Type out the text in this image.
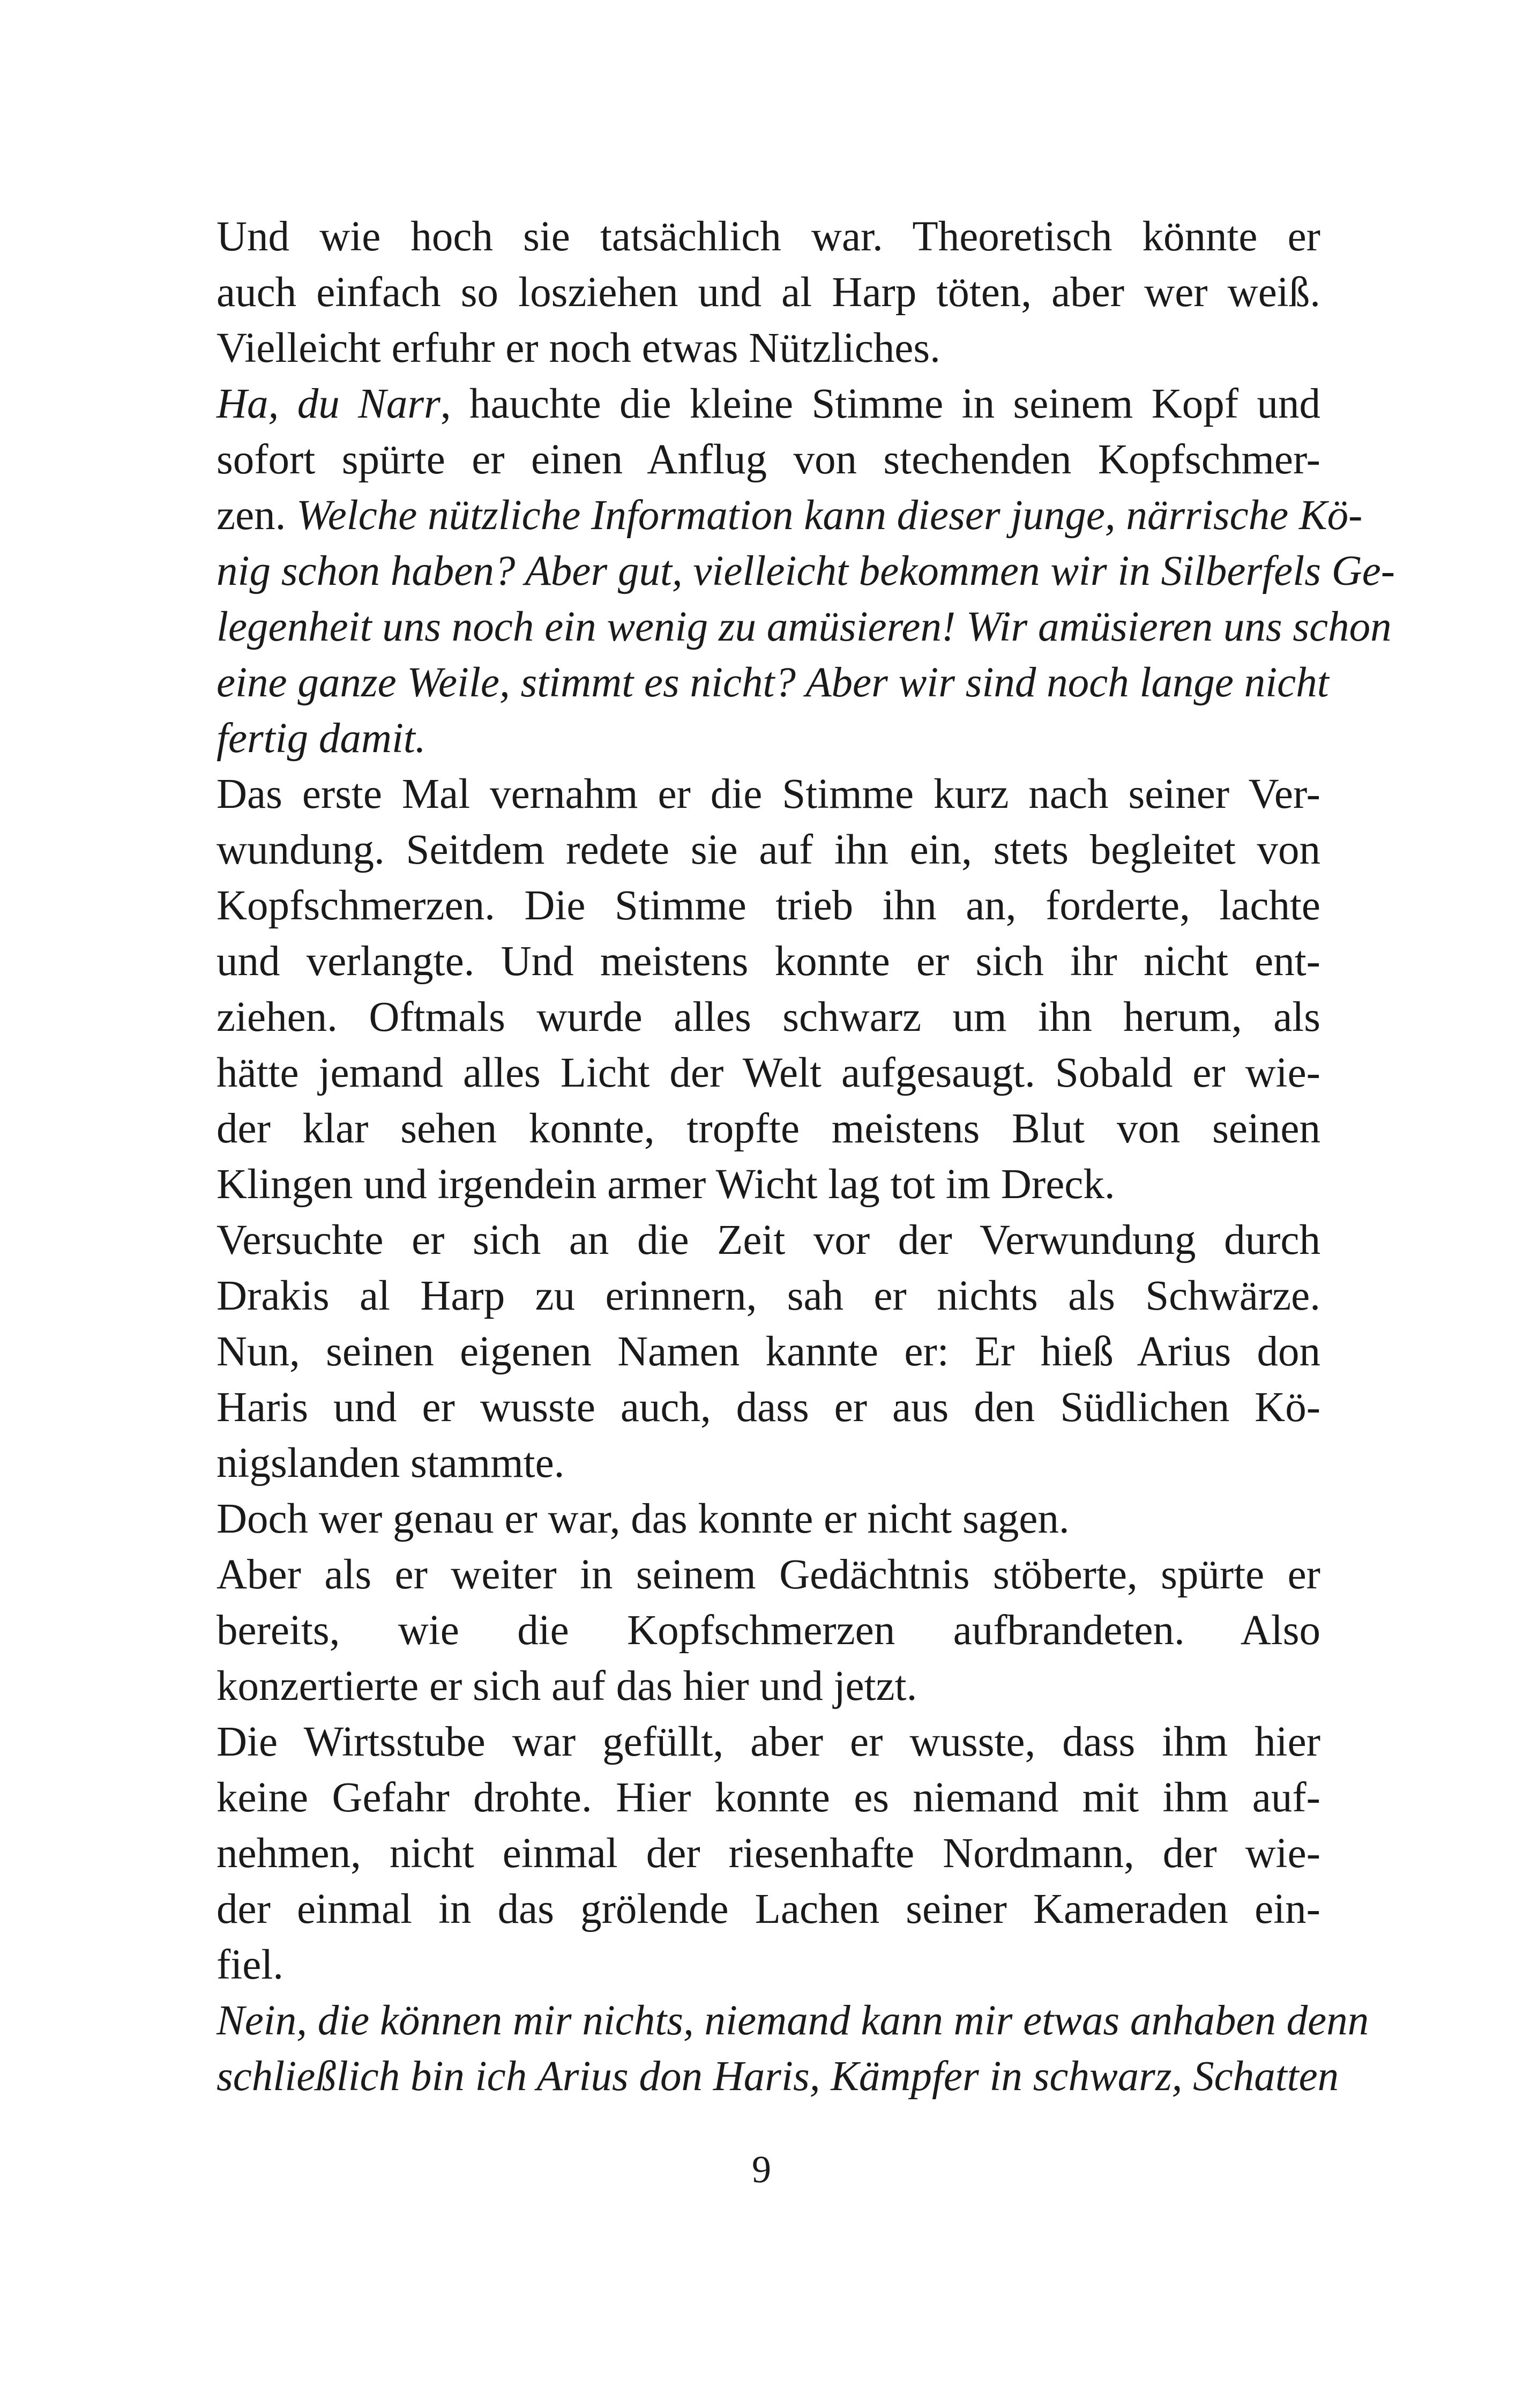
Und wie hoch sie tatsächlich war. Theoretisch könnte er
auch einfach so losziehen und al Harp töten, aber wer weiß.
Vielleicht erfuhr er noch etwas Nützliches.
Ha, du Narr, hauchte die kleine Stimme in seinem Kopf und
sofort spürte er einen Anflug von stechenden Kopfschmer-
zen. Welche nützliche Information kann dieser junge, närrische Kö-
nig schon haben? Aber gut, vielleicht bekommen wir in Silberfels Ge-
legenheit uns noch ein wenig zu amüsieren! Wir amüsieren uns schon
eine ganze Weile, stimmt es nicht? Aber wir sind noch lange nicht
fertig damit.
Das erste Mal vernahm er die Stimme kurz nach seiner Ver-
wundung. Seitdem redete sie auf ihn ein, stets begleitet von
Kopfschmerzen. Die Stimme trieb ihn an, forderte, lachte
und verlangte. Und meistens konnte er sich ihr nicht ent-
ziehen. Oftmals wurde alles schwarz um ihn herum, als
hätte jemand alles Licht der Welt aufgesaugt. Sobald er wie-
der klar sehen konnte, tropfte meistens Blut von seinen
Klingen und irgendein armer Wicht lag tot im Dreck.
Versuchte er sich an die Zeit vor der Verwundung durch
Drakis al Harp zu erinnern, sah er nichts als Schwärze.
Nun, seinen eigenen Namen kannte er: Er hieß Arius don
Haris und er wusste auch, dass er aus den Südlichen Kö-
nigslanden stammte.
Doch wer genau er war, das konnte er nicht sagen.
Aber als er weiter in seinem Gedächtnis stöberte, spürte er
bereits, wie die Kopfschmerzen aufbrandeten. Also
konzertierte er sich auf das hier und jetzt.
Die Wirtsstube war gefüllt, aber er wusste, dass ihm hier
keine Gefahr drohte. Hier konnte es niemand mit ihm auf-
nehmen, nicht einmal der riesenhafte Nordmann, der wie-
der einmal in das grölende Lachen seiner Kameraden ein-
fiel.
Nein, die können mir nichts, niemand kann mir etwas anhaben denn
schließlich bin ich Arius don Haris, Kämpfer in schwarz, Schatten
9
